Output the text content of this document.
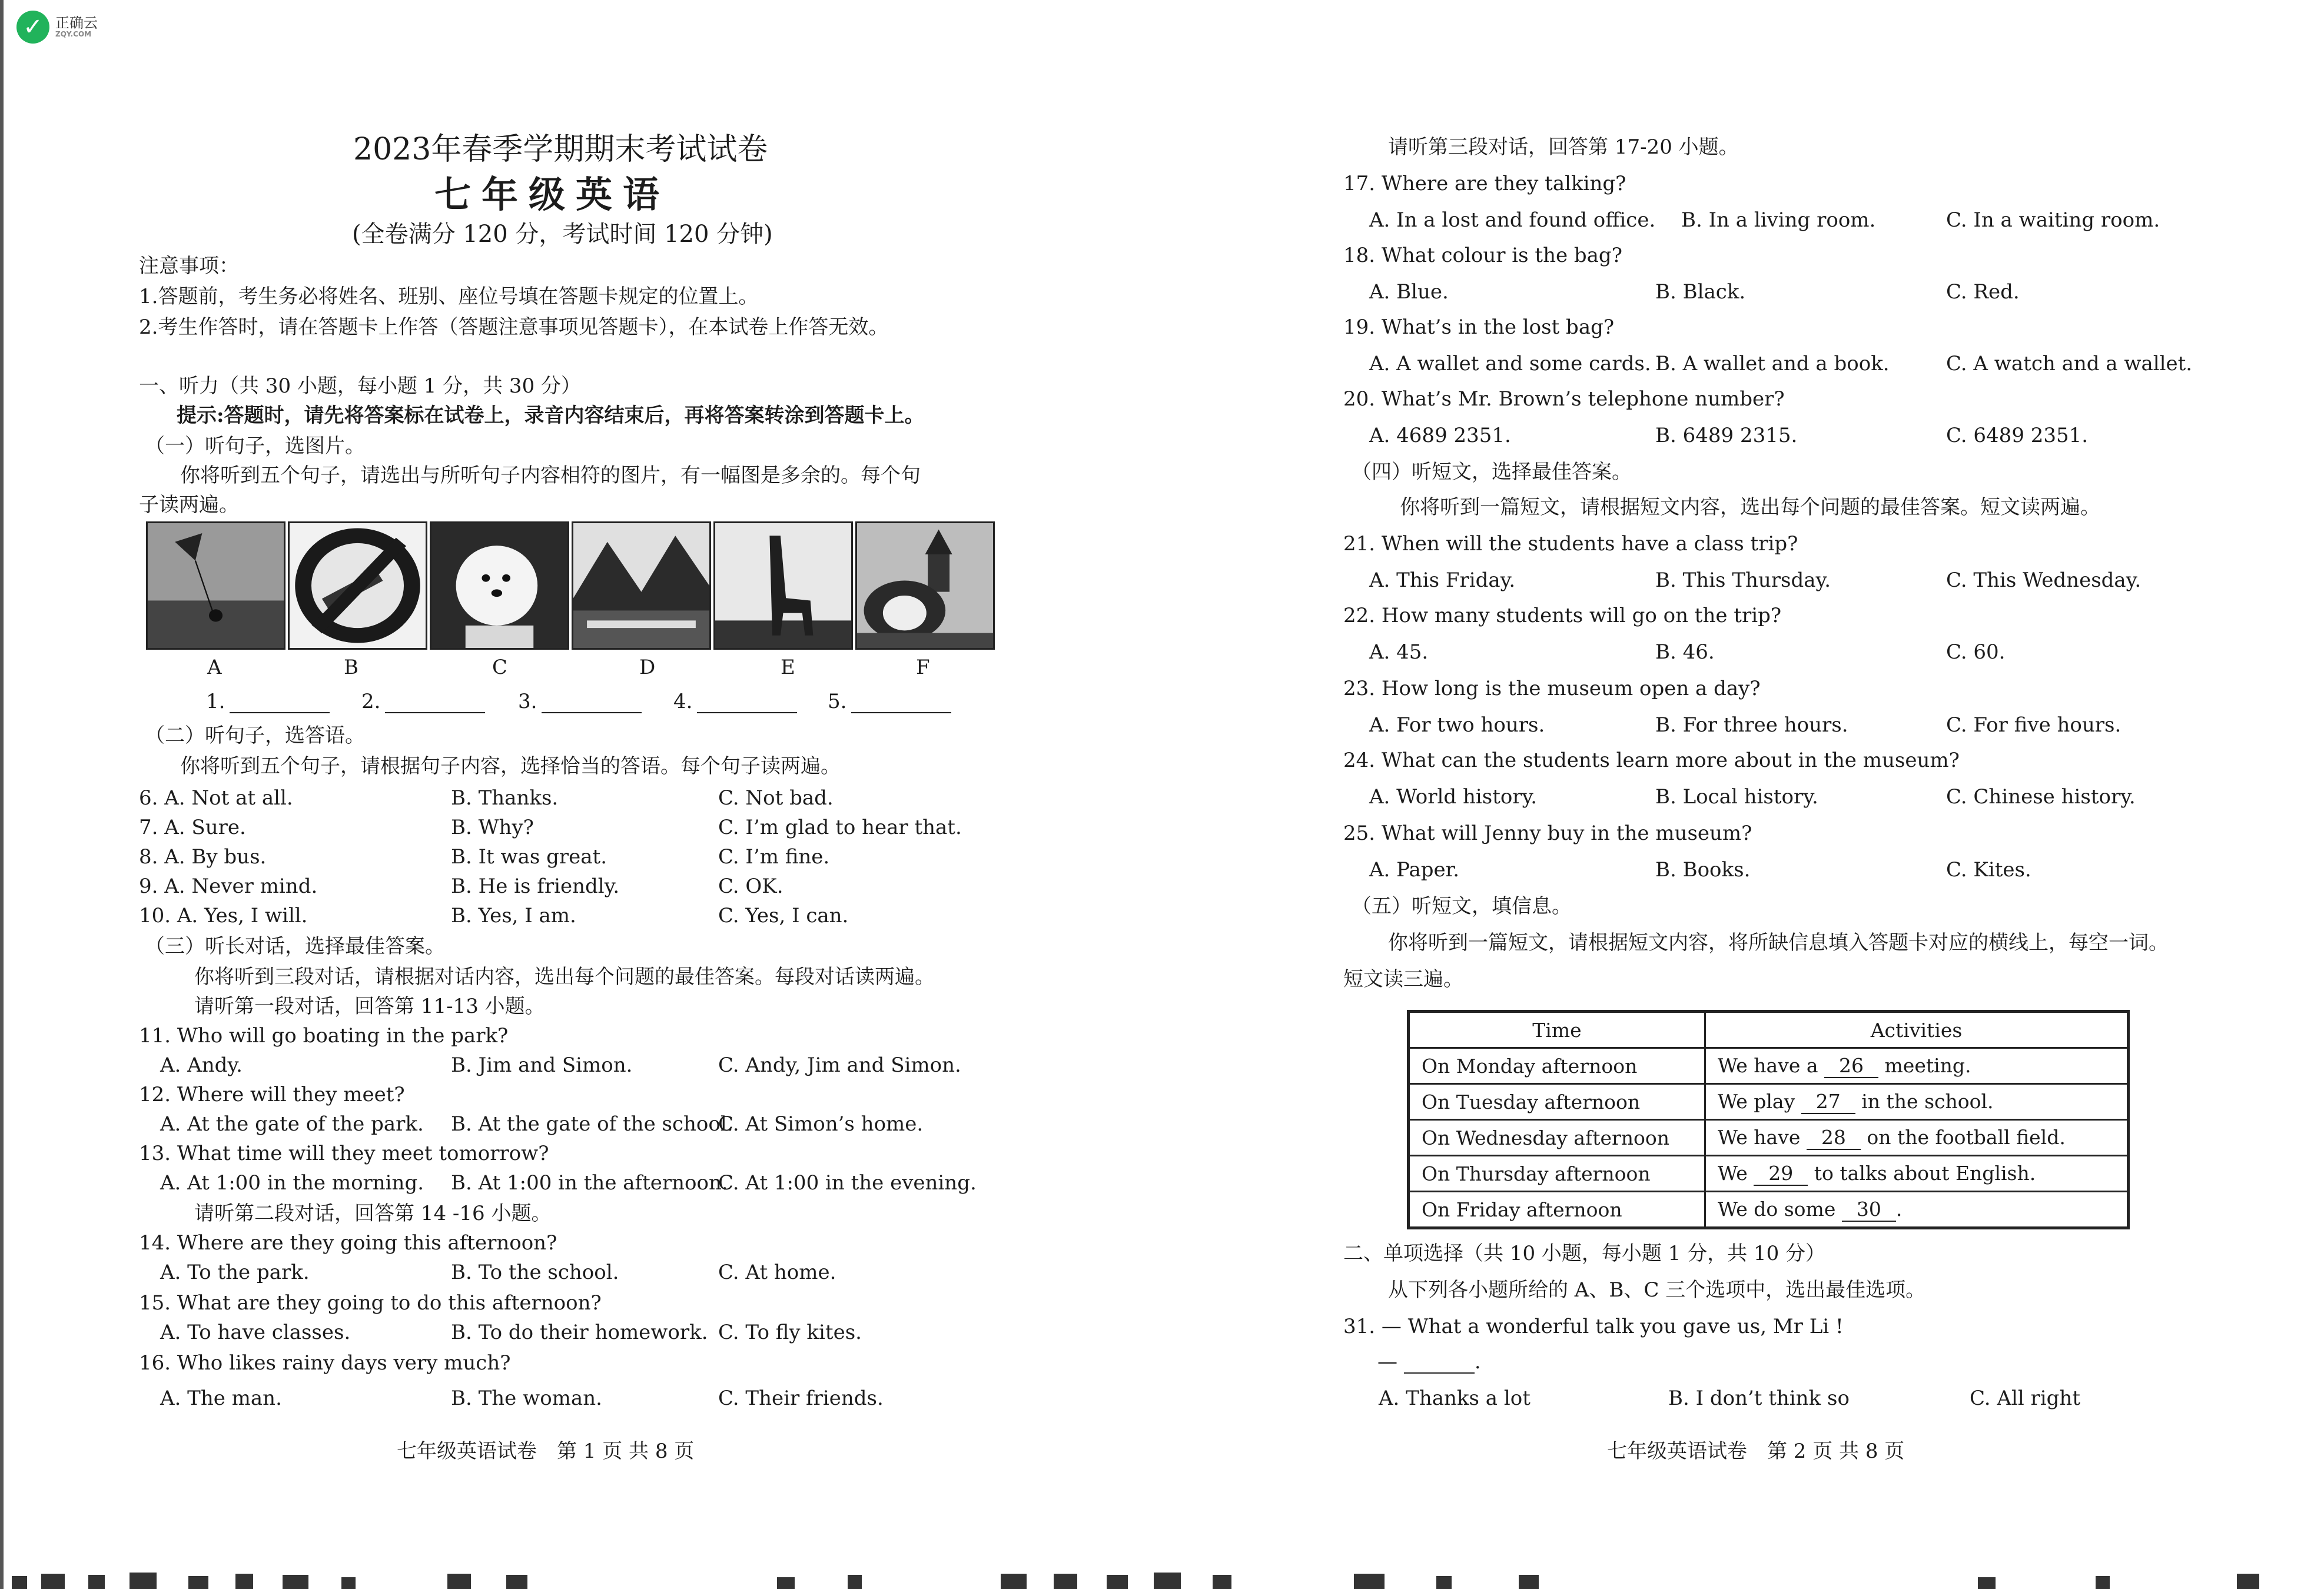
✓ 正确云
ZQY.COM
2023年春季学期期末考试试卷
七年级英语
(全卷满分 120 分，考试时间 120 分钟)
注意事项：
1.答题前，考生务必将姓名、班别、座位号填在答题卡规定的位置上。
2.考生作答时，请在答题卡上作答（答题注意事项见答题卡），在本试卷上作答无效。
一、听力（共 30 小题，每小题 1 分，共 30 分）
提示:答题时，请先将答案标在试卷上，录音内容结束后，再将答案转涂到答题卡上。
（一）听句子，选图片。
你将听到五个句子，请选出与所听句子内容相符的图片，有一幅图是多余的。每个句
子读两遍。
A	B	C	D	E	F
1.	2.	3.	4.	5.
（二）听句子，选答语。
你将听到五个句子，请根据句子内容，选择恰当的答语。每个句子读两遍。
6. A. Not at all.	B. Thanks.	C. Not bad.
7. A. Sure.	B. Why?	C. I’m glad to hear that.
8. A. By bus.	B. It was great.	C. I’m fine.
9. A. Never mind.	B. He is friendly.	C. OK.
10. A. Yes, I will.	B. Yes, I am.	C. Yes, I can.
（三）听长对话，选择最佳答案。
你将听到三段对话，请根据对话内容，选出每个问题的最佳答案。每段对话读两遍。
请听第一段对话，回答第 11-13 小题。
11. Who will go boating in the park?
A. Andy.	B. Jim and Simon.	C. Andy, Jim and Simon.
12. Where will they meet?
A. At the gate of the park. B. At the gate of the school.
C. At Simon’s home.
13. What time will they meet tomorrow?
A. At 1:00 in the morning. B. At 1:00 in the afternoon.
C. At 1:00 in the evening.
请听第二段对话，回答第 14 -16 小题。
14. Where are they going this afternoon?
A. To the park.	B. To the school.	C. At home.
15. What are they going to do this afternoon?
A. To have classes.	B. To do their homework. C. To fly kites.
16. Who likes rainy days very much?
A. The man.	B. The woman.	C. Their friends.
七年级英语试卷　第 1 页 共 8 页
请听第三段对话，回答第 17-20 小题。
17. Where are they talking?
A. In a lost and found office. B. In a living room.	C. In a waiting room.
18. What colour is the bag?
A. Blue.	B. Black.	C. Red.
19. What’s in the lost bag?
A. A wallet and some cards. B. A wallet and a book.	C. A watch and a wallet.
20. What’s Mr. Brown’s telephone number?
A. 4689 2351.	B. 6489 2315.	C. 6489 2351.
（四）听短文，选择最佳答案。
你将听到一篇短文，请根据短文内容，选出每个问题的最佳答案。短文读两遍。
21. When will the students have a class trip?
A. This Friday.	B. This Thursday.	C. This Wednesday.
22. How many students will go on the trip?
A. 45.	B. 46.	C. 60.
23. How long is the museum open a day?
A. For two hours.	B. For three hours.	C. For five hours.
24. What can the students learn more about in the museum?
A. World history.	B. Local history.	C. Chinese history.
25. What will Jenny buy in the museum?
A. Paper.	B. Books.	C. Kites.
（五）听短文，填信息。
你将听到一篇短文，请根据短文内容，将所缺信息填入答题卡对应的横线上，每空一词。
短文读三遍。
Time	Activities
On Monday afternoon	We have a 26 meeting.
On Tuesday afternoon	We play 27 in the school.
On Wednesday afternoon	We have 28 on the football field.
On Thursday afternoon	We 29 to talks about English.
On Friday afternoon	We do some 30 .
二、单项选择（共 10 小题，每小题 1 分，共 10 分）
从下列各小题所给的 A、B、C 三个选项中，选出最佳选项。
31. — What a wonderful talk you gave us, Mr Li !
—	.
A. Thanks a lot	B. I don’t think so	C. All right
七年级英语试卷　第 2 页 共 8 页
